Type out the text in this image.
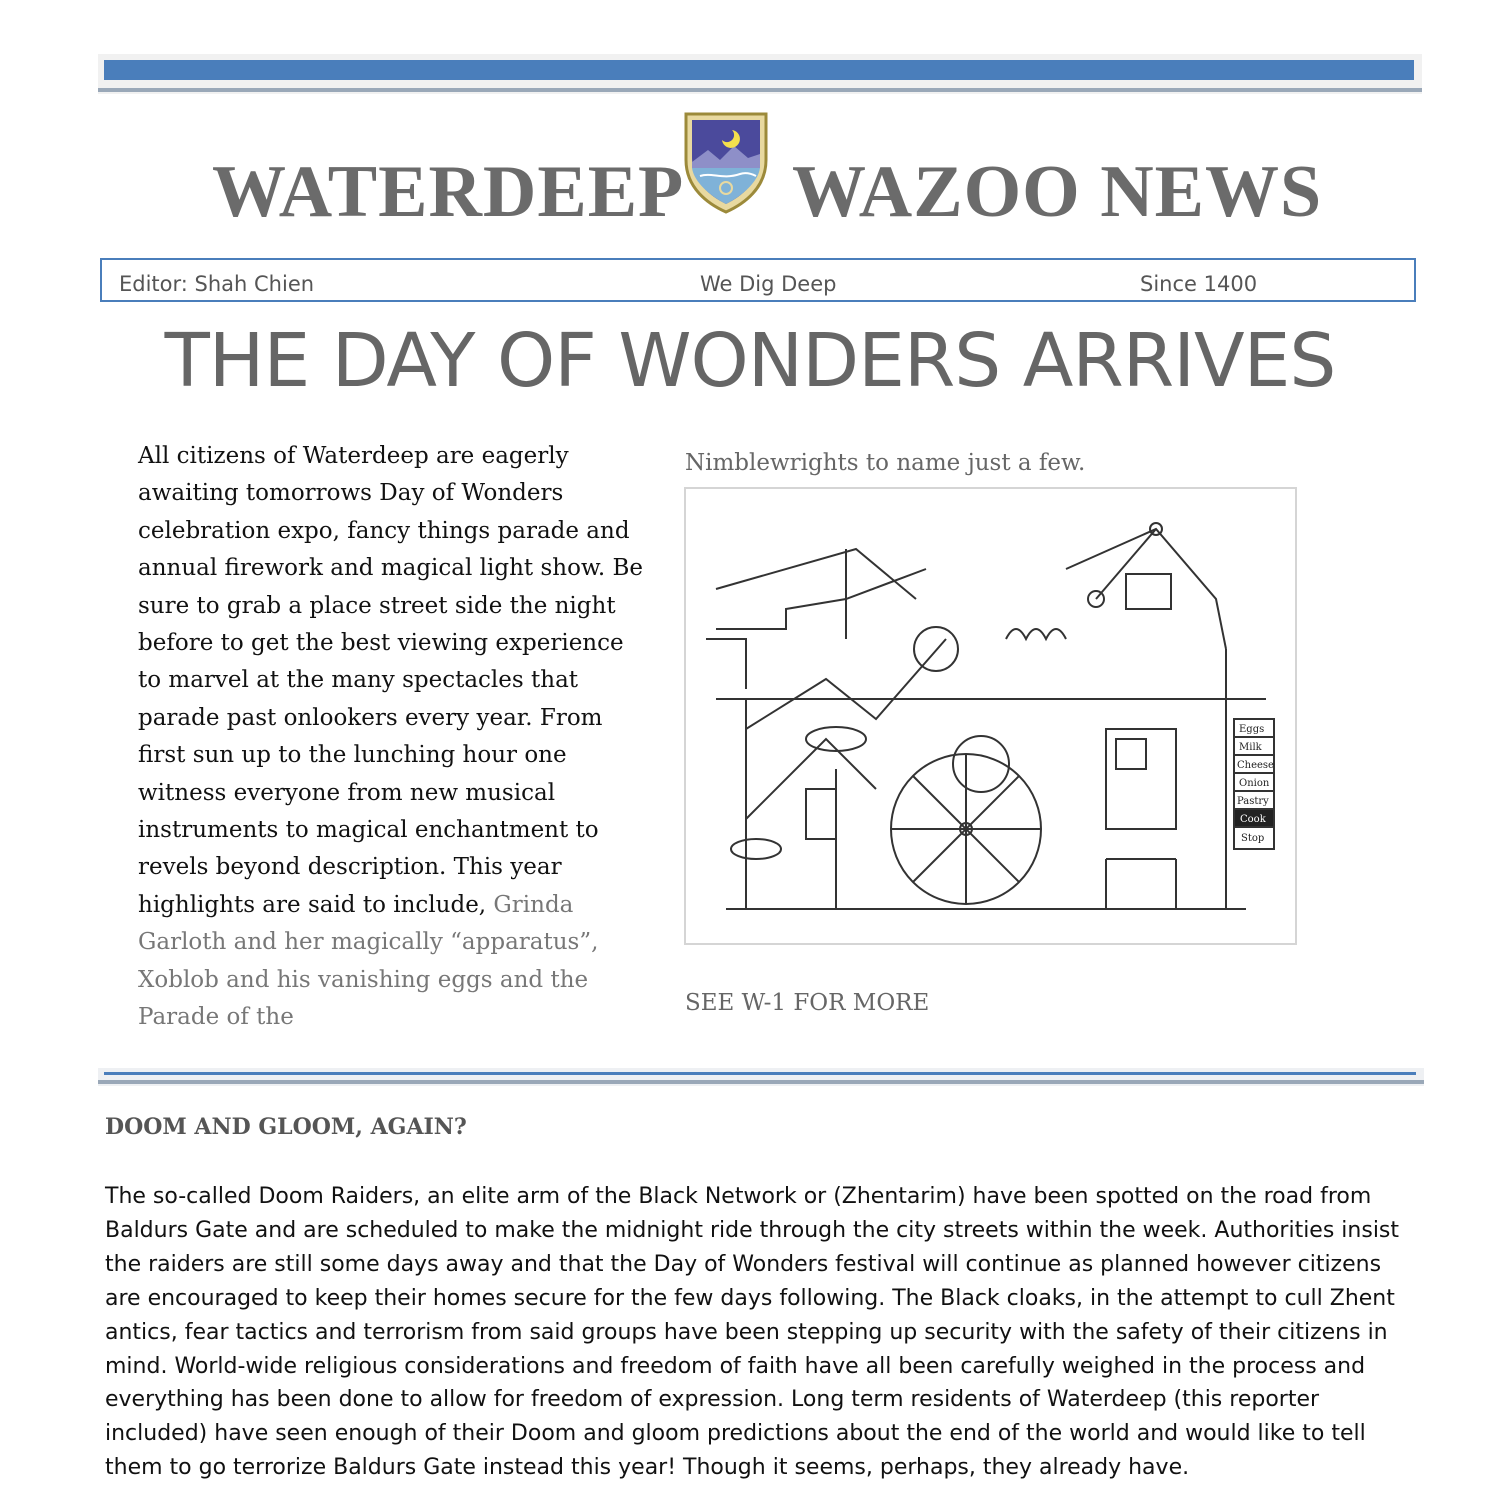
WATERDEEP WAZOO NEWS
Editor: Shah Chien	We Dig Deep	Since 1400
THE DAY OF WONDERS ARRIVES
All citizens of Waterdeep are eagerly awaiting tomorrows Day of Wonders celebration expo, fancy things parade and annual firework and magical light show. Be sure to grab a place street side the night before to get the best viewing experience to marvel at the many spectacles that parade past onlookers every year. From first sun up to the lunching hour one witness everyone from new musical instruments to magical enchantment to revels beyond description. This year highlights are said to include, Grinda Garloth and her magically “apparatus”, Xoblob and his vanishing eggs and the Parade of the
Nimblewrights to name just a few.
Eggs
Milk
Cheese
Onion
Pastry
Cook
Stop
SEE W-1 FOR MORE
DOOM AND GLOOM, AGAIN?
The so-called Doom Raiders, an elite arm of the Black Network or (Zhentarim) have been spotted on the road from Baldurs Gate and are scheduled to make the midnight ride through the city streets within the week. Authorities insist the raiders are still some days away and that the Day of Wonders festival will continue as planned however citizens are encouraged to keep their homes secure for the few days following. The Black cloaks, in the attempt to cull Zhent antics, fear tactics and terrorism from said groups have been stepping up security with the safety of their citizens in mind. World-wide religious considerations and freedom of faith have all been carefully weighed in the process and everything has been done to allow for freedom of expression. Long term residents of Waterdeep (this reporter included) have seen enough of their Doom and gloom predictions about the end of the world and would like to tell them to go terrorize Baldurs Gate instead this year! Though it seems, perhaps, they already have.
